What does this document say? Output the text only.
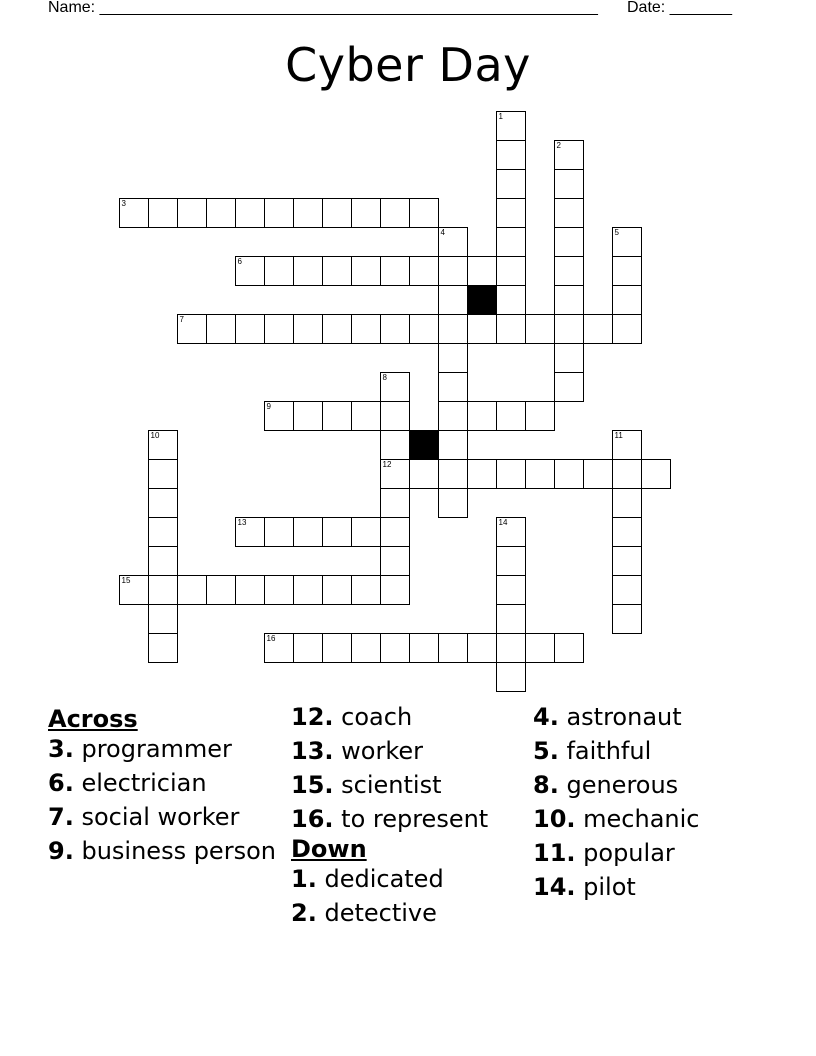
Name: ________________________________________________________ Date: _______
Cyber Day
1
2
3
4	5
6
7
8
12
9
10	11
13	14
15
16

Across

3. programmer

6. electrician

7. social worker

9. business person

12. coach

13. worker

15. scientist

16. to represent

Down

1. dedicated

2. detective

4. astronaut

5. faithful

8. generous

10. mechanic

11. popular

14. pilot
